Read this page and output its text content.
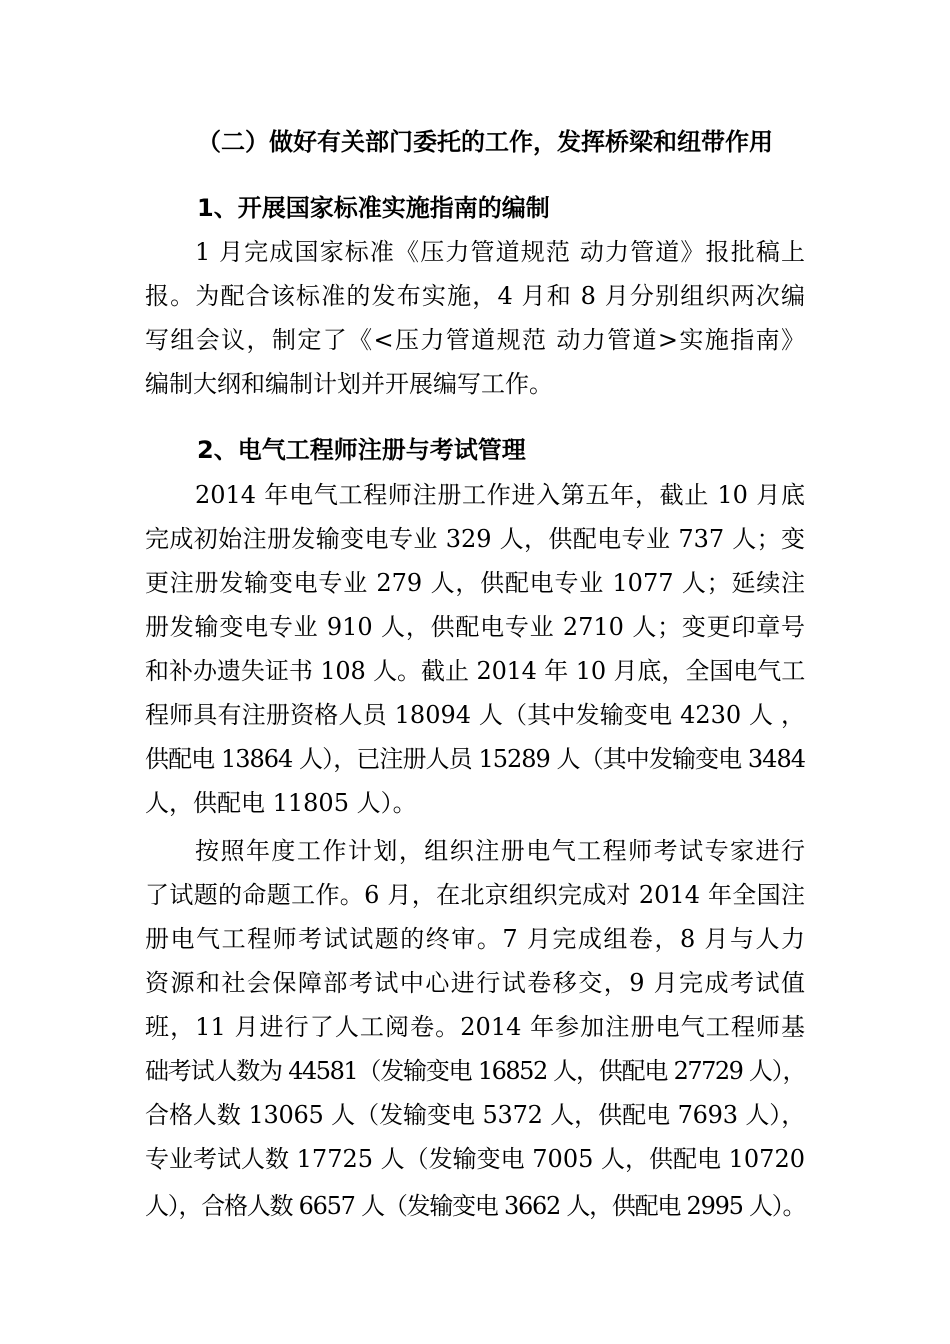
（二）做好有关部门委托的工作，发挥桥梁和纽带作用
1、开展国家标准实施指南的编制

1 月完成国家标准《压力管道规范 动力管道》报批稿上

报。为配合该标准的发布实施，4 月和 8 月分别组织两次编

写组会议，制定了《<压力管道规范 动力管道>实施指南》

编制大纲和编制计划并开展编写工作。

2、电气工程师注册与考试管理

2014 年电气工程师注册工作进入第五年，截止 10 月底

完成初始注册发输变电专业 329 人，供配电专业 737 人；变

更注册发输变电专业 279 人，供配电专业 1077 人；延续注

册发输变电专业 910 人，供配电专业 2710 人；变更印章号

和补办遗失证书 108 人。截止 2014 年 10 月底，全国电气工

程师具有注册资格人员 18094 人（其中发输变电 4230 人 ，

供配电 13864 人），已注册人员 15289 人（其中发输变电 3484

人，供配电 11805 人）。

按照年度工作计划，组织注册电气工程师考试专家进行

了试题的命题工作。6 月，在北京组织完成对 2014 年全国注

册电气工程师考试试题的终审。7 月完成组卷，8 月与人力

资源和社会保障部考试中心进行试卷移交，9 月完成考试值

班，11 月进行了人工阅卷。2014 年参加注册电气工程师基

础考试人数为 44581（发输变电 16852 人，供配电 27729 人），

合格人数 13065 人（发输变电 5372 人，供配电 7693 人），

专业考试人数 17725 人（发输变电 7005 人，供配电 10720

人），合格人数 6657 人（发输变电 3662 人，供配电 2995 人）。
